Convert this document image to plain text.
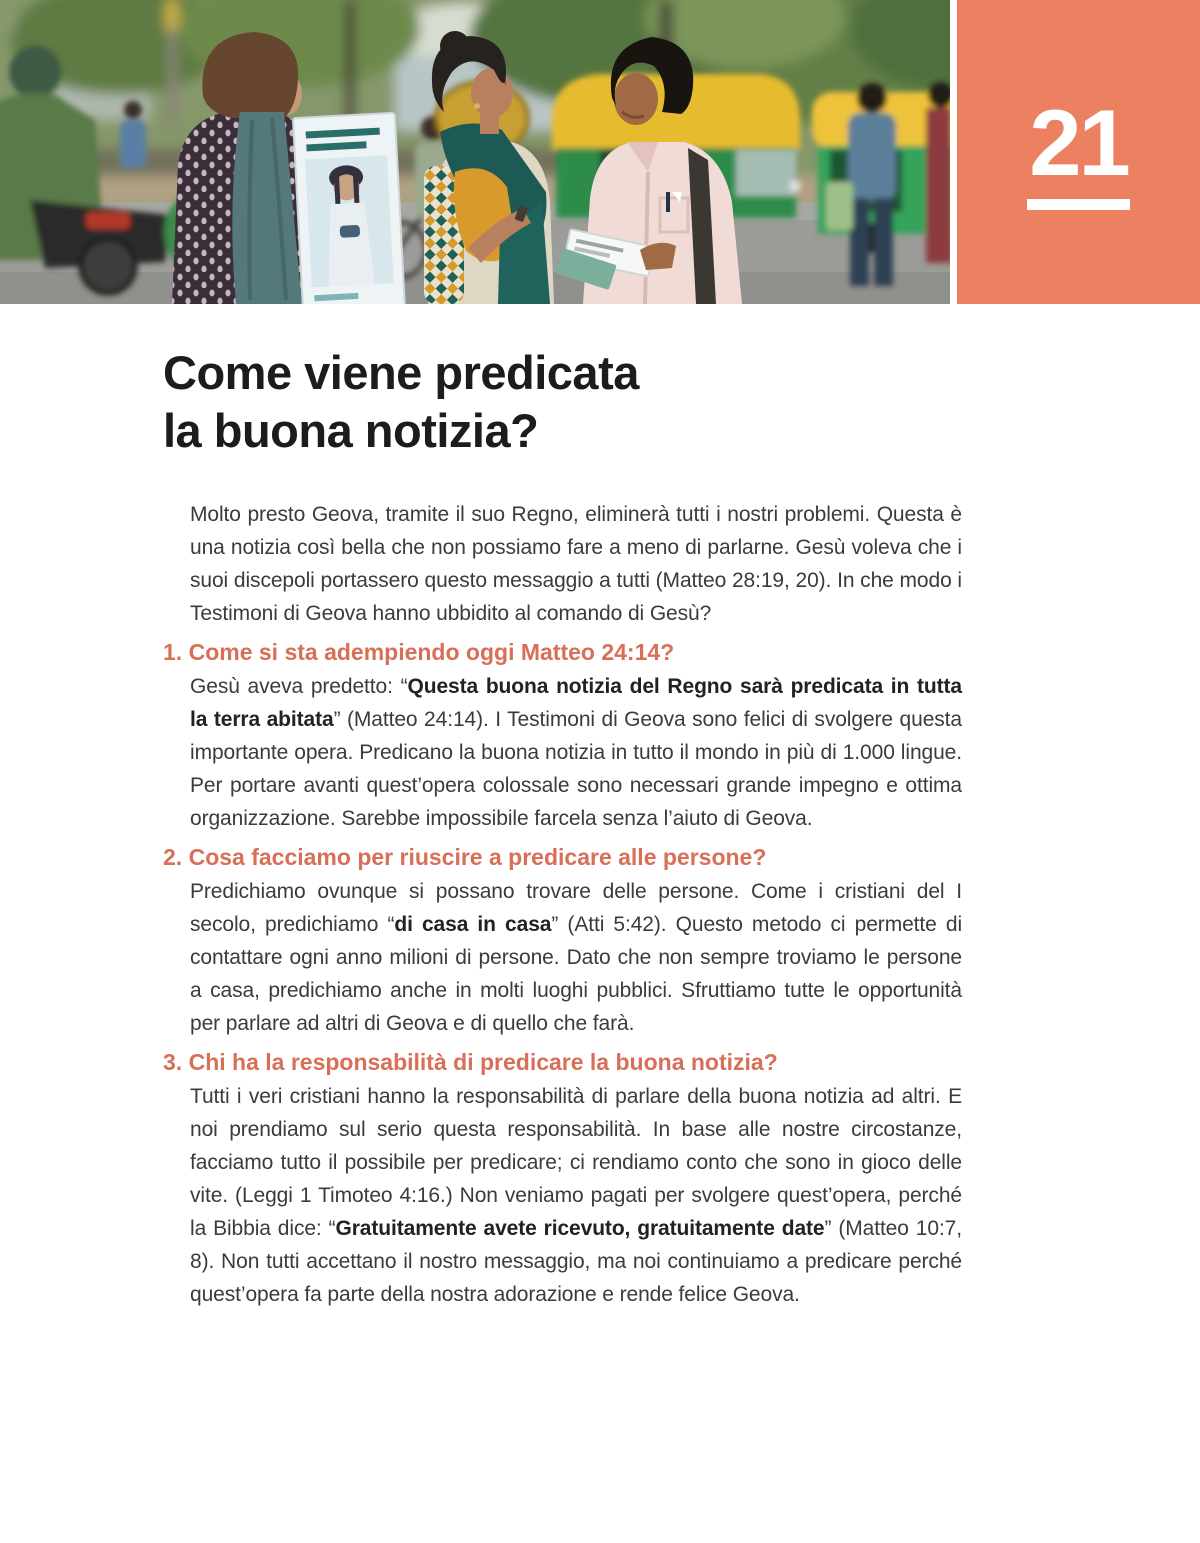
21
Come viene predicata
la buona notizia?

Molto presto Geova, tramite il suo Regno, eliminerà tutti i nostri problemi. Questa è una notizia così bella che non possiamo fare a meno di parlarne. Gesù voleva che i suoi discepoli portassero questo messaggio a tutti (Matteo 28:19, 20). In che modo i Testimoni di Geova hanno ubbidito al comando di Gesù?

1. Come si sta adempiendo oggi Matteo 24:14?

Gesù aveva predetto: “Questa buona notizia del Regno sarà predicata in tutta la terra abitata” (Matteo 24:14). I Testimoni di Geova sono felici di svolgere questa importante opera. Predicano la buona notizia in tutto il mondo in più di 1.000 lingue. Per portare avanti quest’opera colossale sono necessari grande impegno e ottima organizzazione. Sarebbe impossibile farcela senza l’aiuto di Geova.

2. Cosa facciamo per riuscire a predicare alle persone?

Predichiamo ovunque si possano trovare delle persone. Come i cristiani del I secolo, predichiamo “di casa in casa” (Atti 5:42). Questo metodo ci permette di contattare ogni anno milioni di persone. Dato che non sempre troviamo le persone a casa, predichiamo anche in molti luoghi pubblici. Sfruttiamo tutte le opportunità per parlare ad altri di Geova e di quello che farà.

3. Chi ha la responsabilità di predicare la buona notizia?

Tutti i veri cristiani hanno la responsabilità di parlare della buona notizia ad altri. E noi prendiamo sul serio questa responsabilità. In base alle nostre circostanze, facciamo tutto il possibile per predicare; ci rendiamo conto che sono in gioco delle vite. (Leggi 1 Timoteo 4:16.) Non veniamo pagati per svolgere quest’opera, perché la Bibbia dice: “Gratuitamente avete ricevuto, gratuitamente date” (Matteo 10:7, 8). Non tutti accettano il nostro messaggio, ma noi continuiamo a predicare perché quest’opera fa parte della nostra adorazione e rende felice Geova.
